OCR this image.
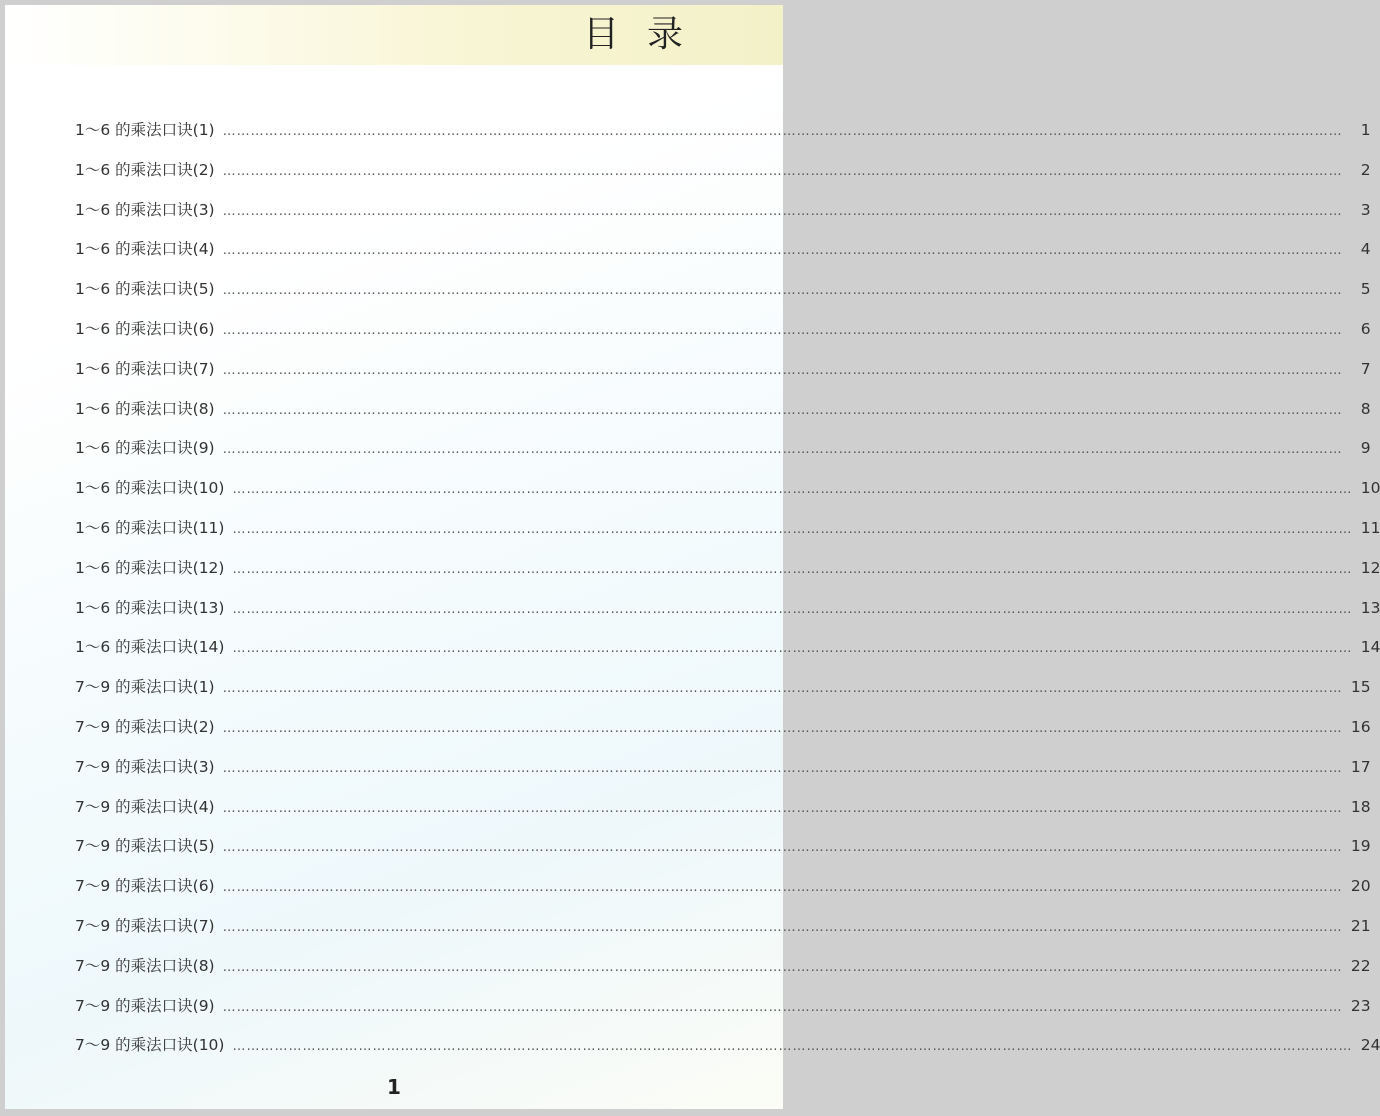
目录
1～6 的乘法口诀(1) ……………………………………………………………………………………………………………………………………………………………………………………………………………………	1
1～6 的乘法口诀(2) ……………………………………………………………………………………………………………………………………………………………………………………………………………………	2
1～6 的乘法口诀(3) ……………………………………………………………………………………………………………………………………………………………………………………………………………………	3
1～6 的乘法口诀(4) ……………………………………………………………………………………………………………………………………………………………………………………………………………………	4
1～6 的乘法口诀(5) ……………………………………………………………………………………………………………………………………………………………………………………………………………………	5
1～6 的乘法口诀(6) ……………………………………………………………………………………………………………………………………………………………………………………………………………………	6
1～6 的乘法口诀(7) ……………………………………………………………………………………………………………………………………………………………………………………………………………………	7
1～6 的乘法口诀(8) ……………………………………………………………………………………………………………………………………………………………………………………………………………………	8
1～6 的乘法口诀(9) ……………………………………………………………………………………………………………………………………………………………………………………………………………………	9
1～6 的乘法口诀(10) …………………………………………………………………………………………………………………………………………………………………………………………………………………… 10
1～6 的乘法口诀(11) …………………………………………………………………………………………………………………………………………………………………………………………………………………… 11
1～6 的乘法口诀(12) …………………………………………………………………………………………………………………………………………………………………………………………………………………… 12
1～6 的乘法口诀(13) …………………………………………………………………………………………………………………………………………………………………………………………………………………… 13
1～6 的乘法口诀(14) …………………………………………………………………………………………………………………………………………………………………………………………………………………… 14
7～9 的乘法口诀(1) …………………………………………………………………………………………………………………………………………………………………………………………………………………… 15
7～9 的乘法口诀(2) …………………………………………………………………………………………………………………………………………………………………………………………………………………… 16
7～9 的乘法口诀(3) …………………………………………………………………………………………………………………………………………………………………………………………………………………… 17
7～9 的乘法口诀(4) …………………………………………………………………………………………………………………………………………………………………………………………………………………… 18
7～9 的乘法口诀(5) …………………………………………………………………………………………………………………………………………………………………………………………………………………… 19
7～9 的乘法口诀(6) …………………………………………………………………………………………………………………………………………………………………………………………………………………… 20
7～9 的乘法口诀(7) …………………………………………………………………………………………………………………………………………………………………………………………………………………… 21
7～9 的乘法口诀(8) …………………………………………………………………………………………………………………………………………………………………………………………………………………… 22
7～9 的乘法口诀(9) …………………………………………………………………………………………………………………………………………………………………………………………………………………… 23
7～9 的乘法口诀(10) …………………………………………………………………………………………………………………………………………………………………………………………………………………… 24
1
